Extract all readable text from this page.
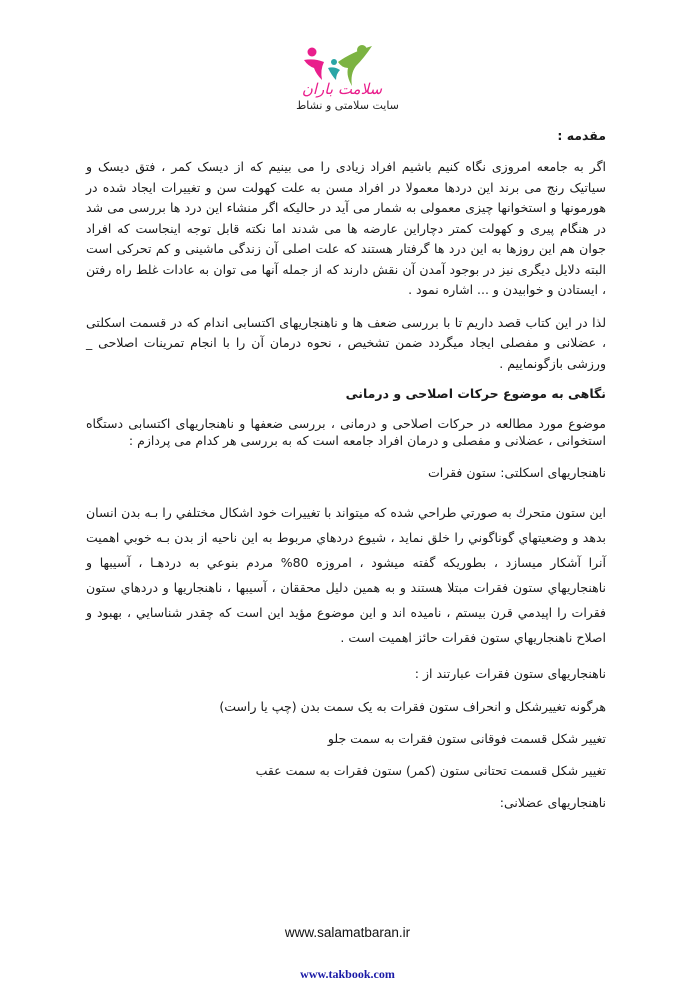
سلامت باران
سایت سلامتی و نشاط
مقدمه :

اگر به جامعه امروزی نگاه کنیم باشیم افراد زیادی را می بینیم که از دیسک کمر ، فتق دیسک و سیاتیک رنج می برند این دردها معمولا در افراد مسن به علت کهولت سن و تغییرات ایجاد شده در هورمونها و استخوانها چیزی معمولی به شمار می آید در حالیکه اگر منشاء این درد ها بررسی می شد در هنگام پیری و کهولت کمتر دچاراین عارضه ها می شدند اما نکته قابل توجه اینجاست که افراد جوان هم این روزها به این درد ها گرفتار هستند که علت اصلی آن زندگی ماشینی و کم تحرکی است البته دلایل دیگری نیز در بوجود آمدن آن نقش دارند که از جمله آنها می توان به عادات غلط راه رفتن ، ایستادن و خوابیدن و ... اشاره نمود .

لذا در این کتاب قصد داریم تا با بررسی ضعف ها و ناهنجاریهای اکتسابی اندام که در قسمت اسکلتی ، عضلانی و مفصلی ایجاد میگردد ضمن تشخیص ، نحوه درمان آن را با انجام تمرینات اصلاحی _ ورزشی بازگونماییم .

نگاهی به موضوع حرکات اصلاحی و درمانی

موضوع مورد مطالعه در حرکات اصلاحی و درمانی ، بررسی ضعفها و ناهنجاریهای اکتسابی دستگاه استخوانی ، عضلانی و مفصلی و درمان افراد جامعه است که به بررسی هر کدام می پردازم :

ناهنجاریهای اسکلتی: ستون فقرات

این ستون متحرك به صورتي طراحي شده كه ميتواند با تغييرات خود اشكال مختلفي را بـه بدن انسان بدهد و وضعيتهاي گوناگوني را خلق نمايد ، شيوع دردهاي مربوط به اين ناحيه از بدن بـه خوبي اهميت آنرا آشكار ميسازد ، بطوريكه گفته ميشود ، امروزه 80% مردم بنوعي به دردهـا ، آسيبها و ناهنجاريهاي ستون فقرات مبتلا هستند و به همين دليل محققان ، آسيبها ، ناهنجاريها و دردهاي ستون فقرات را اپيدمي قرن بيستم ، ناميده اند و اين موضوع مؤيد اين است كه چقدر شناسايي ، بهبود و اصلاح ناهنجاريهاي ستون فقرات حائز اهميت است .

ناهنجاریهای ستون فقرات عبارتند از :
هرگونه تغییرشکل و انحراف ستون فقرات به یک سمت بدن (چپ یا راست)
تغییر شکل قسمت فوقانی ستون فقرات به سمت جلو
تغییر شکل قسمت تحتانی ستون (کمر) ستون فقرات به سمت عقب
ناهنجاریهای عضلانی:
www.salamatbaran.ir
www.takbook.com
